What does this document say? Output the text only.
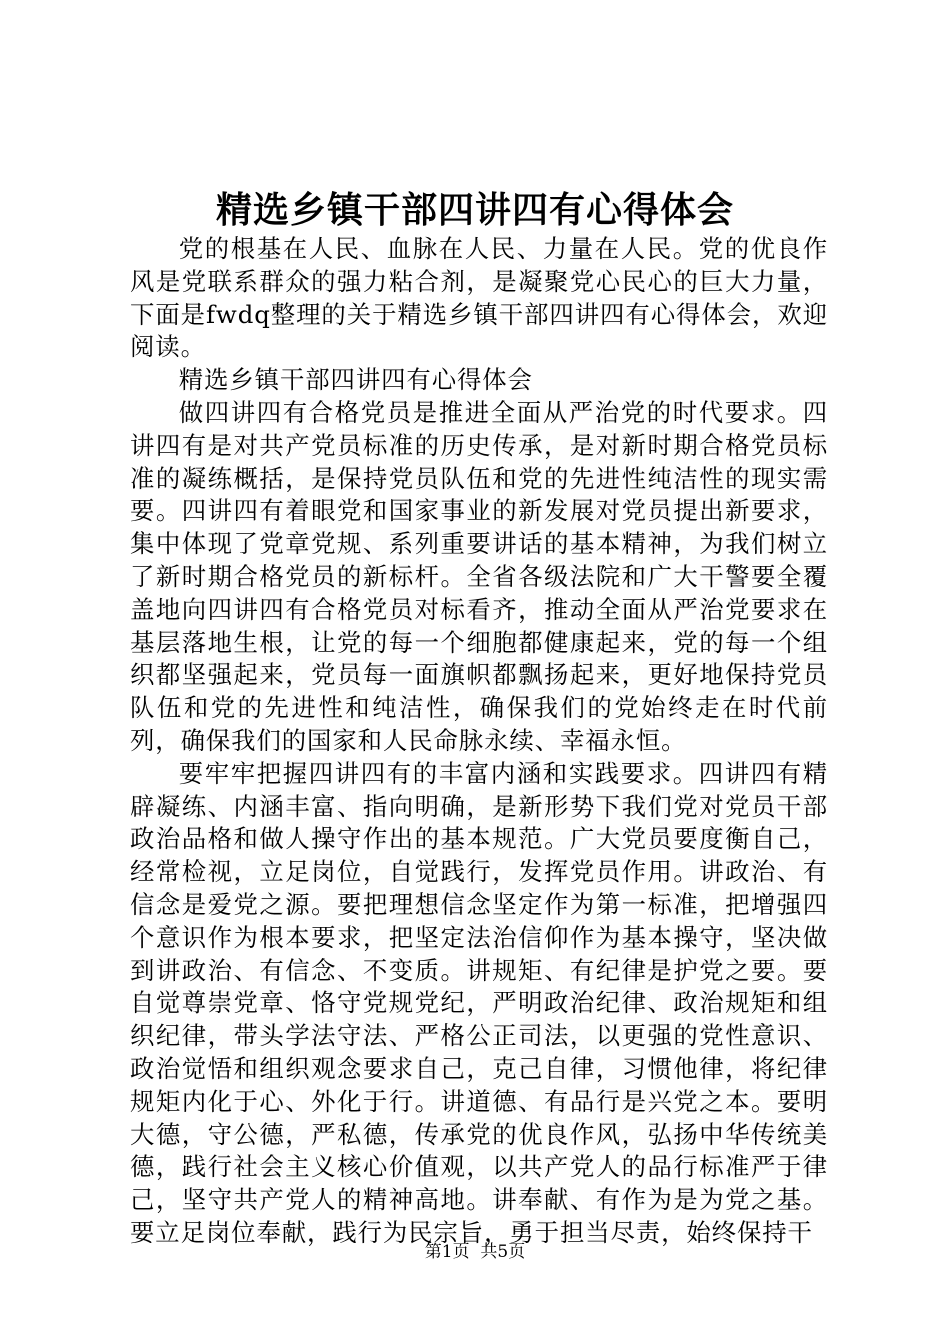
精选乡镇干部四讲四有心得体会

党的根基在人民、血脉在人民、力量在人民。党的优良作风是党联系群众的强力粘合剂，是凝聚党心民心的巨大力量，下面是fwdq整理的关于精选乡镇干部四讲四有心得体会，欢迎阅读。

精选乡镇干部四讲四有心得体会

做四讲四有合格党员是推进全面从严治党的时代要求。四讲四有是对共产党员标准的历史传承，是对新时期合格党员标准的凝练概括，是保持党员队伍和党的先进性纯洁性的现实需要。四讲四有着眼党和国家事业的新发展对党员提出新要求，集中体现了党章党规、系列重要讲话的基本精神，为我们树立了新时期合格党员的新标杆。全省各级法院和广大干警要全覆盖地向四讲四有合格党员对标看齐，推动全面从严治党要求在基层落地生根，让党的每一个细胞都健康起来，党的每一个组织都坚强起来，党员每一面旗帜都飘扬起来，更好地保持党员队伍和党的先进性和纯洁性，确保我们的党始终走在时代前列，确保我们的国家和人民命脉永续、幸福永恒。

要牢牢把握四讲四有的丰富内涵和实践要求。四讲四有精辟凝练、内涵丰富、指向明确，是新形势下我们党对党员干部政治品格和做人操守作出的基本规范。广大党员要度衡自己，经常检视，立足岗位，自觉践行，发挥党员作用。讲政治、有信念是爱党之源。要把理想信念坚定作为第一标准，把增强四个意识作为根本要求，把坚定法治信仰作为基本操守，坚决做到讲政治、有信念、不变质。讲规矩、有纪律是护党之要。要自觉尊崇党章、恪守党规党纪，严明政治纪律、政治规矩和组织纪律，带头学法守法、严格公正司法，以更强的党性意识、政治觉悟和组织观念要求自己，克己自律，习惯他律，将纪律规矩内化于心、外化于行。讲道德、有品行是兴党之本。要明大德，守公德，严私德，传承党的优良作风，弘扬中华传统美德，践行社会主义核心价值观，以共产党人的品行标准严于律己，坚守共产党人的精神高地。讲奉献、有作为是为党之基。要立足岗位奉献，践行为民宗旨，勇于担当尽责，始终保持干

第1页  共5页
